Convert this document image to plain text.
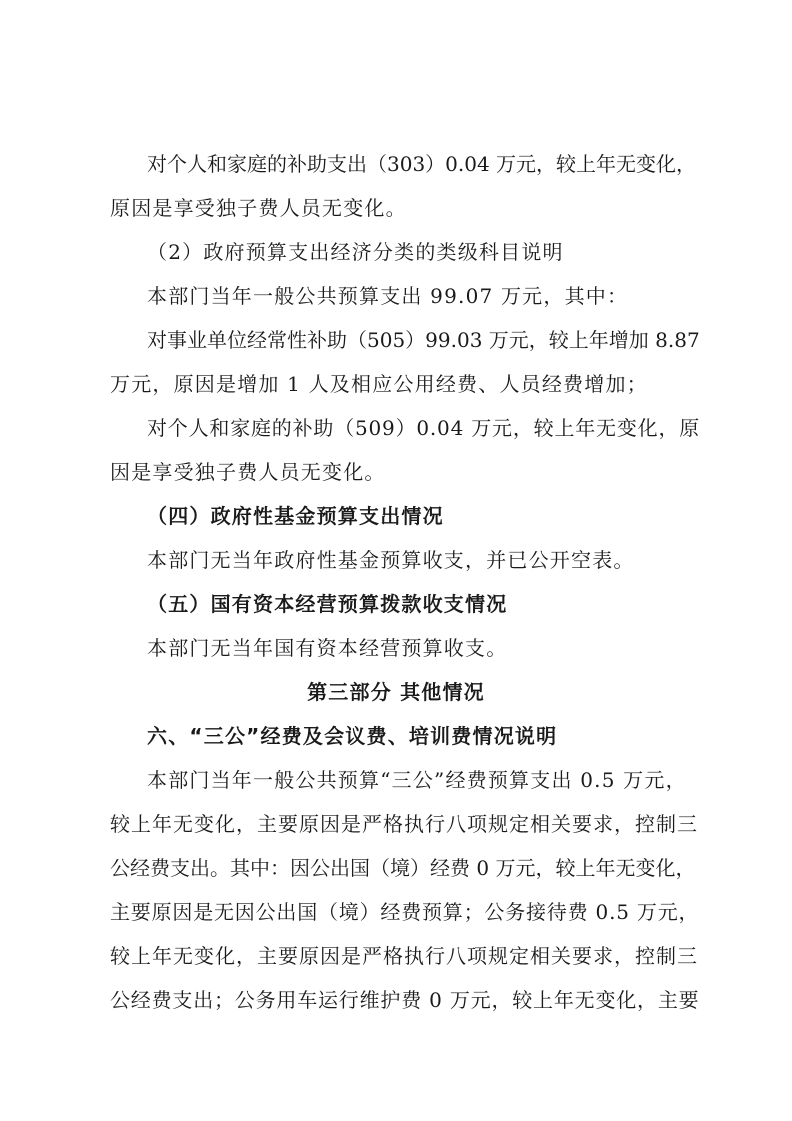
对个人和家庭的补助支出（303）0.04 万元，较上年无变化，
原因是享受独子费人员无变化。
（2）政府预算支出经济分类的类级科目说明
本部门当年一般公共预算支出 99.07 万元，其中：
对事业单位经常性补助（505）99.03 万元，较上年增加 8.87
万元，原因是增加 1 人及相应公用经费、人员经费增加；
对个人和家庭的补助（509）0.04 万元，较上年无变化，原
因是享受独子费人员无变化。
（四）政府性基金预算支出情况
本部门无当年政府性基金预算收支，并已公开空表。
（五）国有资本经营预算拨款收支情况
本部门无当年国有资本经营预算收支。
第三部分 其他情况
六、“三公”经费及会议费、培训费情况说明
本部门当年一般公共预算“三公”经费预算支出 0.5 万元，
较上年无变化，主要原因是严格执行八项规定相关要求，控制三
公经费支出。其中：因公出国（境）经费 0 万元，较上年无变化，
主要原因是无因公出国（境）经费预算；公务接待费 0.5 万元，
较上年无变化，主要原因是严格执行八项规定相关要求，控制三
公经费支出；公务用车运行维护费 0 万元，较上年无变化，主要
